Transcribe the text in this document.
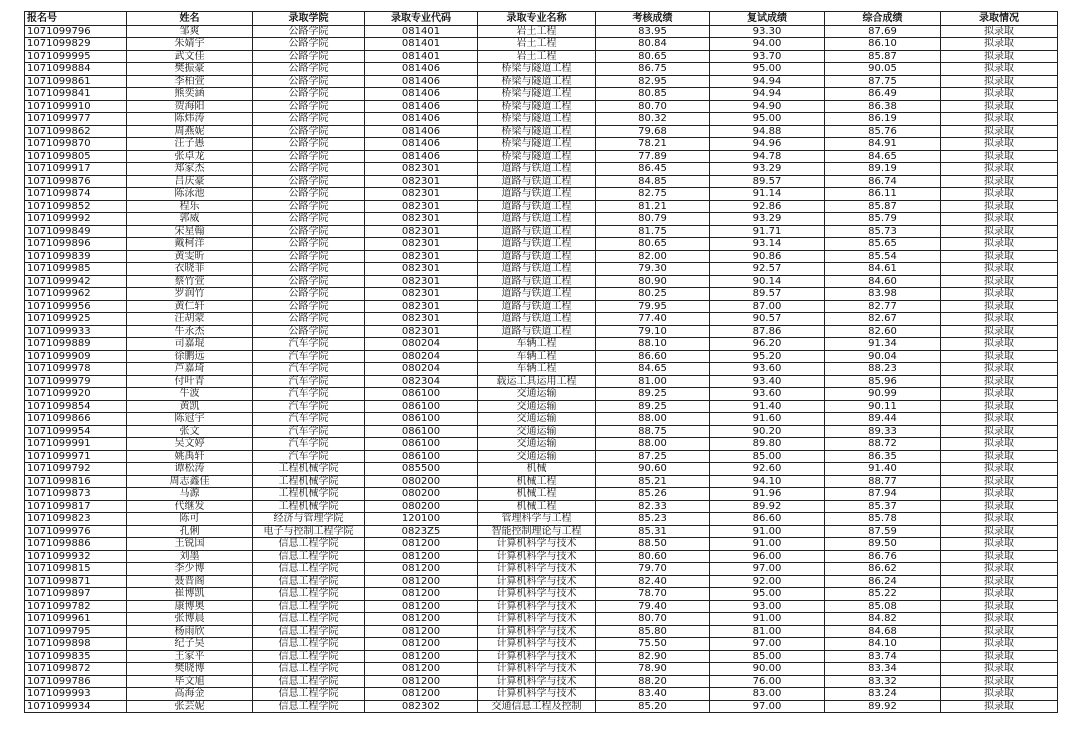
报名号	姓名	录取学院	录取专业代码	录取专业名称	考核成绩	复试成绩	综合成绩	录取情况
1071099796	邹爽	公路学院	081401	岩土工程	83.95	93.30	87.69	拟录取
1071099829	朱婧宇	公路学院	081401	岩土工程	80.84	94.00	86.10	拟录取
1071099995	武文佳	公路学院	081401	岩土工程	80.65	93.70	85.87	拟录取
1071099884	樊振豪	公路学院	081406	桥梁与隧道工程	86.75	95.00	90.05	拟录取
1071099861	李柏萱	公路学院	081406	桥梁与隧道工程	82.95	94.94	87.75	拟录取
1071099841	熊奕涵	公路学院	081406	桥梁与隧道工程	80.85	94.94	86.49	拟录取
1071099910	贺海阳	公路学院	081406	桥梁与隧道工程	80.70	94.90	86.38	拟录取
1071099977	陈炜涛	公路学院	081406	桥梁与隧道工程	80.32	95.00	86.19	拟录取
1071099862	周燕妮	公路学院	081406	桥梁与隧道工程	79.68	94.88	85.76	拟录取
1071099870	汪子愚	公路学院	081406	桥梁与隧道工程	78.21	94.96	84.91	拟录取
1071099805	张卓龙	公路学院	081406	桥梁与隧道工程	77.89	94.78	84.65	拟录取
1071099917	郑家杰	公路学院	082301	道路与铁道工程	86.45	93.29	89.19	拟录取
1071099876	吕庆豪	公路学院	082301	道路与铁道工程	84.85	89.57	86.74	拟录取
1071099874	陈泳池	公路学院	082301	道路与铁道工程	82.75	91.14	86.11	拟录取
1071099852	程乐	公路学院	082301	道路与铁道工程	81.21	92.86	85.87	拟录取
1071099992	郭威	公路学院	082301	道路与铁道工程	80.79	93.29	85.79	拟录取
1071099849	宋星翰	公路学院	082301	道路与铁道工程	81.75	91.71	85.73	拟录取
1071099896	戴柯洋	公路学院	082301	道路与铁道工程	80.65	93.14	85.65	拟录取
1071099839	黄雯昕	公路学院	082301	道路与铁道工程	82.00	90.86	85.54	拟录取
1071099985	衣晓菲	公路学院	082301	道路与铁道工程	79.30	92.57	84.61	拟录取
1071099942	蔡竹萱	公路学院	082301	道路与铁道工程	80.90	90.14	84.60	拟录取
1071099962	罗润竹	公路学院	082301	道路与铁道工程	80.25	89.57	83.98	拟录取
1071099956	黄仁轩	公路学院	082301	道路与铁道工程	79.95	87.00	82.77	拟录取
1071099925	汪胡蒙	公路学院	082301	道路与铁道工程	77.40	90.57	82.67	拟录取
1071099933	牛永杰	公路学院	082301	道路与铁道工程	79.10	87.86	82.60	拟录取
1071099889	司嘉琨	汽车学院	080204	车辆工程	88.10	96.20	91.34	拟录取
1071099909	徐鹏远	汽车学院	080204	车辆工程	86.60	95.20	90.04	拟录取
1071099978	芦嘉琦	汽车学院	080204	车辆工程	84.65	93.60	88.23	拟录取
1071099979	付叶青	汽车学院	082304	载运工具运用工程	81.00	93.40	85.96	拟录取
1071099920	牛波	汽车学院	086100	交通运输	89.25	93.60	90.99	拟录取
1071099854	黄凯	汽车学院	086100	交通运输	89.25	91.40	90.11	拟录取
1071099866	陈冠宇	汽车学院	086100	交通运输	88.00	91.60	89.44	拟录取
1071099954	张文	汽车学院	086100	交通运输	88.75	90.20	89.33	拟录取
1071099991	吴文婷	汽车学院	086100	交通运输	88.00	89.80	88.72	拟录取
1071099971	姚禹轩	汽车学院	086100	交通运输	87.25	85.00	86.35	拟录取
1071099792	谭松涛	工程机械学院	085500	机械	90.60	92.60	91.40	拟录取
1071099816	周志鑫佳	工程机械学院	080200	机械工程	85.21	94.10	88.77	拟录取
1071099873	马源	工程机械学院	080200	机械工程	85.26	91.96	87.94	拟录取
1071099817	代继发	工程机械学院	080200	机械工程	82.33	89.92	85.37	拟录取
1071099823	陈可	经济与管理学院	120100	管理科学与工程	85.23	86.60	85.78	拟录取
1071099976	孔俐	电子与控制工程学院	0823Z5	智能控制理论与工程	85.31	91.00	87.59	拟录取
1071099886	王锐国	信息工程学院	081200	计算机科学与技术	88.50	91.00	89.50	拟录取
1071099932	刘墨	信息工程学院	081200	计算机科学与技术	80.60	96.00	86.76	拟录取
1071099815	李少博	信息工程学院	081200	计算机科学与技术	79.70	97.00	86.62	拟录取
1071099871	聂晋阁	信息工程学院	081200	计算机科学与技术	82.40	92.00	86.24	拟录取
1071099897	崔博凯	信息工程学院	081200	计算机科学与技术	78.70	95.00	85.22	拟录取
1071099782	康博奥	信息工程学院	081200	计算机科学与技术	79.40	93.00	85.08	拟录取
1071099961	张博晨	信息工程学院	081200	计算机科学与技术	80.70	91.00	84.82	拟录取
1071099795	杨雨欣	信息工程学院	081200	计算机科学与技术	85.80	81.00	84.68	拟录取
1071099898	纪子昊	信息工程学院	081200	计算机科学与技术	75.50	97.00	84.10	拟录取
1071099835	王家平	信息工程学院	081200	计算机科学与技术	82.90	85.00	83.74	拟录取
1071099872	樊晓博	信息工程学院	081200	计算机科学与技术	78.90	90.00	83.34	拟录取
1071099786	毕文旭	信息工程学院	081200	计算机科学与技术	88.20	76.00	83.32	拟录取
1071099993	高海金	信息工程学院	081200	计算机科学与技术	83.40	83.00	83.24	拟录取
1071099934	张芸妮	信息工程学院	082302	交通信息工程及控制	85.20	97.00	89.92	拟录取
